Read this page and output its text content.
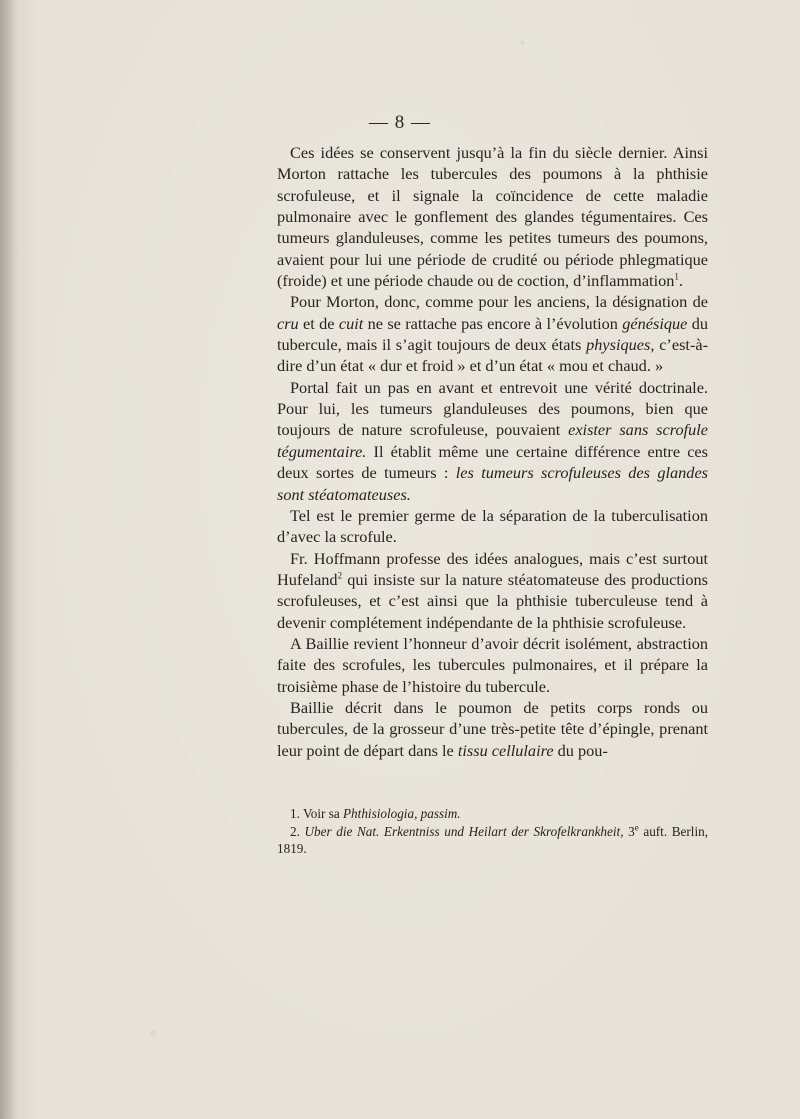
— 8 —

Ces idées se conservent jusqu’à la fin du siècle dernier. Ainsi Morton rattache les tubercules des poumons à la phthisie scrofuleuse, et il signale la coïncidence de cette maladie pulmonaire avec le gonflement des glandes tégumentaires. Ces tumeurs glanduleuses, comme les petites tumeurs des poumons, avaient pour lui une période de crudité ou période phlegmatique (froide) et une période chaude ou de coction, d’inflammation$^1$.

Pour Morton, donc, comme pour les anciens, la désignation de cru et de cuit ne se rattache pas encore à l’évolution génésique du tubercule, mais il s’agit toujours de deux états physiques, c’est-à-dire d’un état « dur et froid » et d’un état « mou et chaud. »

Portal fait un pas en avant et entrevoit une vérité doctrinale. Pour lui, les tumeurs glanduleuses des poumons, bien que toujours de nature scrofuleuse, pouvaient exister sans scrofule tégumentaire. Il établit même une certaine différence entre ces deux sortes de tumeurs : les tumeurs scrofuleuses des glandes sont stéatomateuses.

Tel est le premier germe de la séparation de la tuberculisation d’avec la scrofule.

Fr. Hoffmann professe des idées analogues, mais c’est surtout Hufeland$^2$ qui insiste sur la nature stéatomateuse des productions scrofuleuses, et c’est ainsi que la phthisie tuberculeuse tend à devenir complétement indépendante de la phthisie scrofuleuse.

A Baillie revient l’honneur d’avoir décrit isolément, abstraction faite des scrofules, les tubercules pulmonaires, et il prépare la troisième phase de l’histoire du tubercule.

Baillie décrit dans le poumon de petits corps ronds ou tubercules, de la grosseur d’une très-petite tête d’épingle, prenant leur point de départ dans le tissu cellulaire du pou-

1. Voir sa Phthisiologia, passim.

2. Uber die Nat. Erkentniss und Heilart der Skrofelkrankheit, 3e auft. Berlin, 1819.
